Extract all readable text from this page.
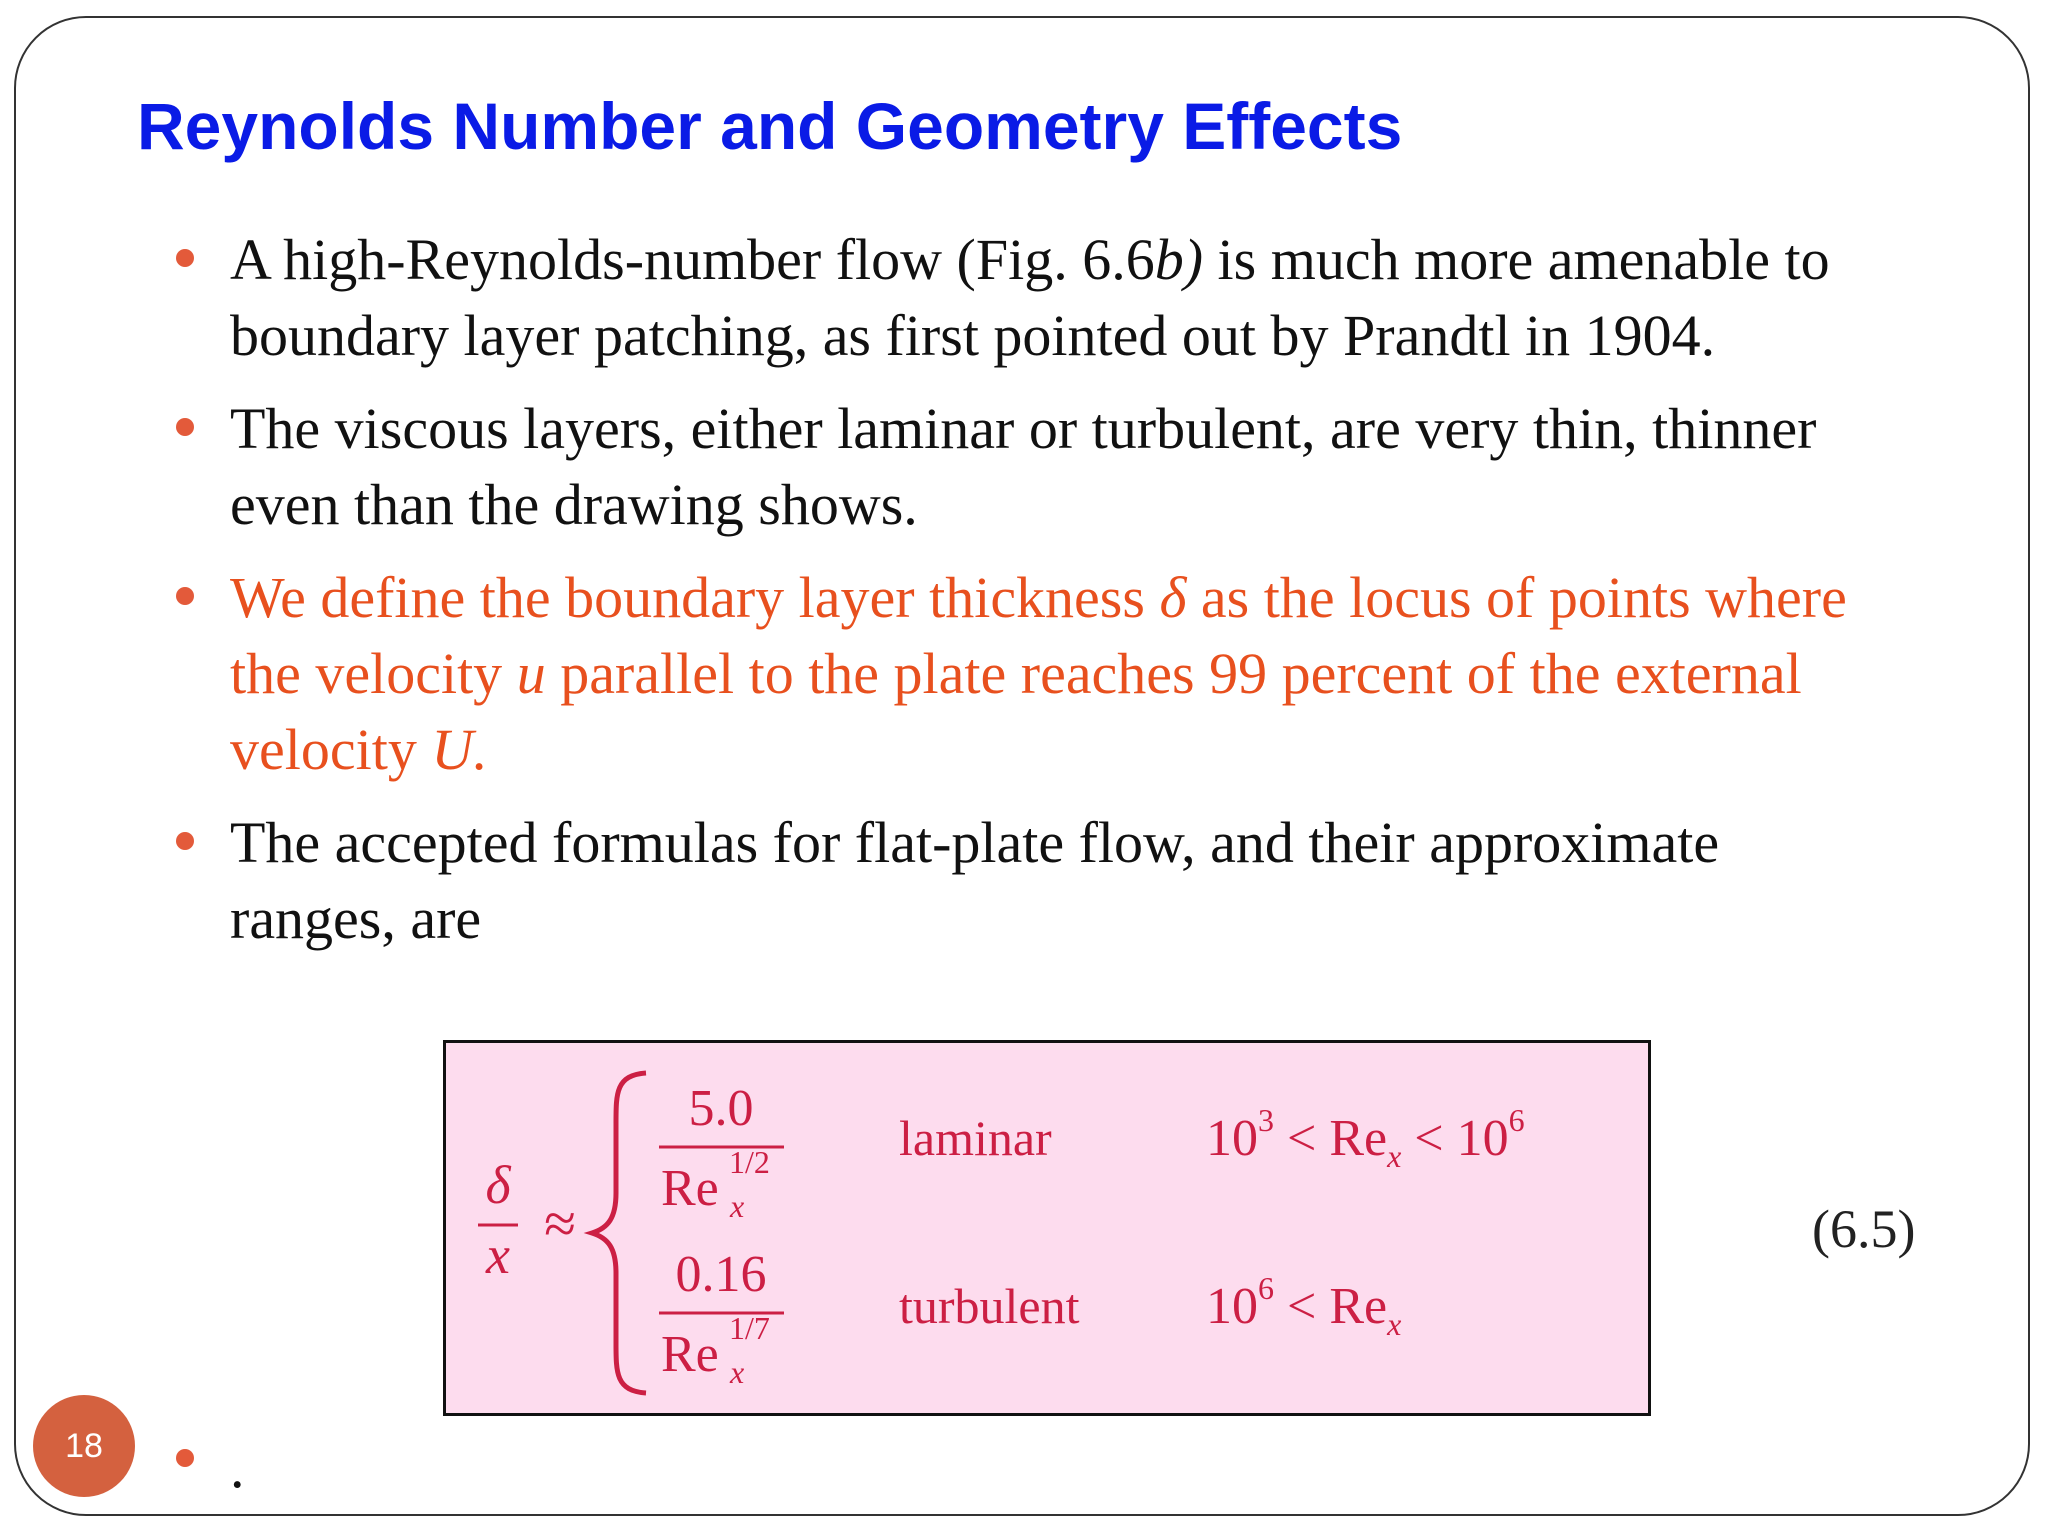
Reynolds Number and Geometry Effects
A high-Reynolds-number flow (Fig. 6.6b) is much more amenable to boundary layer patching, as first pointed out by Prandtl in 1904.
The viscous layers, either laminar or turbulent, are very thin, thinner even than the drawing shows.
We define the boundary layer thickness δ as the locus of points where the velocity u parallel to the plate reaches 99 percent of the external velocity U.
The accepted formulas for flat-plate flow, and their approximate ranges, are
δ
x ≈
5.0
Re 1/2
x
0.16
Re 1/7
x
laminar
turbulent
$10^3 < Re_x < 10^6$
$10^6 < Re_x$
(6.5)
18	.
